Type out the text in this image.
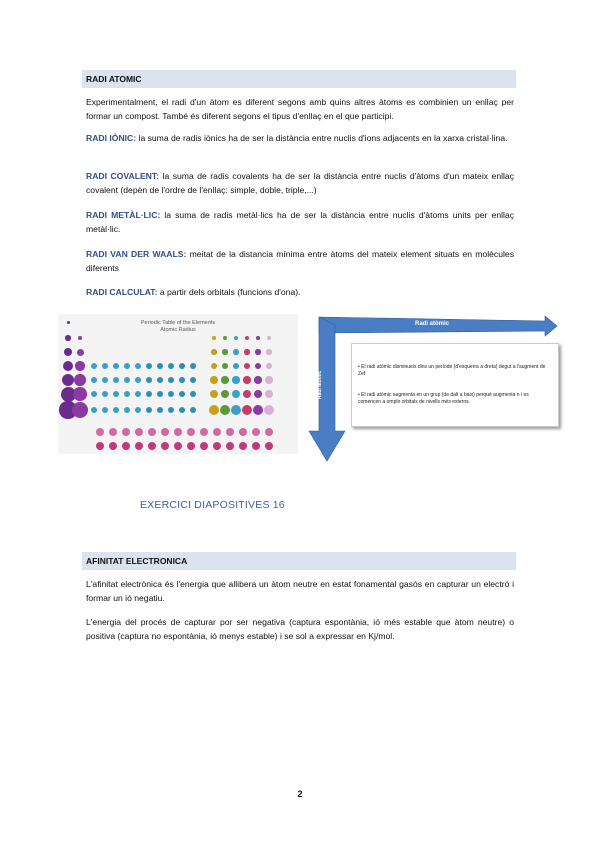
RADI ATOMIC
Experimentalment, el radi d'un àtom es diferent segons amb quins altres àtoms es combinien un enllaç per formar un compost. També és diferent segons el tipus d'enllaç en el que participi.
RADI IÒNIC: la suma de radis iònics ha de ser la distància entre nuclis d'ions adjacents en la xarxa cristal·lina.
RADI COVALENT: la suma de radis covalents ha de ser la distància entre nuclis d'àtoms d'un mateix enllaç covalent (depèn de l'ordre de l'enllaç: simple, doble, triple,...)
RADI METÀL·LIC: la suma de radis metàl·lics ha de ser la distància entre nuclis d'àtoms units per enllaç metàl·lic.
RADI VAN DER WAALS: meitat de la distancia mínima entre àtoms del mateix element situats en molècules diferents
RADI CALCULAT: a partir dels orbitals (funcions d'ona).
Periodic Table of the Elements
Atomic Radius
Radi atòmic
Radi atòmic
• El radi atòmic disminueix dins un període (d'esquerra a dreta) degut a l'augment de Zef
• El radi atòmic augmenta en un grup (de dalt a baix) perquè augmenta n i es comencen a omplir orbitals de nivells més externs.
EXERCICI DIAPOSITIVES 16
AFINITAT ELECTRONICA
L'afinitat electrònica és l'energia que allibera un àtom neutre en estat fonamental gasós en capturar un electró i formar un ió negatiu.
L'energia del procés de capturar por ser negativa (captura espontània, ió més estable que àtom neutre) o positiva (captura no espontània, ió menys estable) i se sol a expressar en Kj/mol.
2
